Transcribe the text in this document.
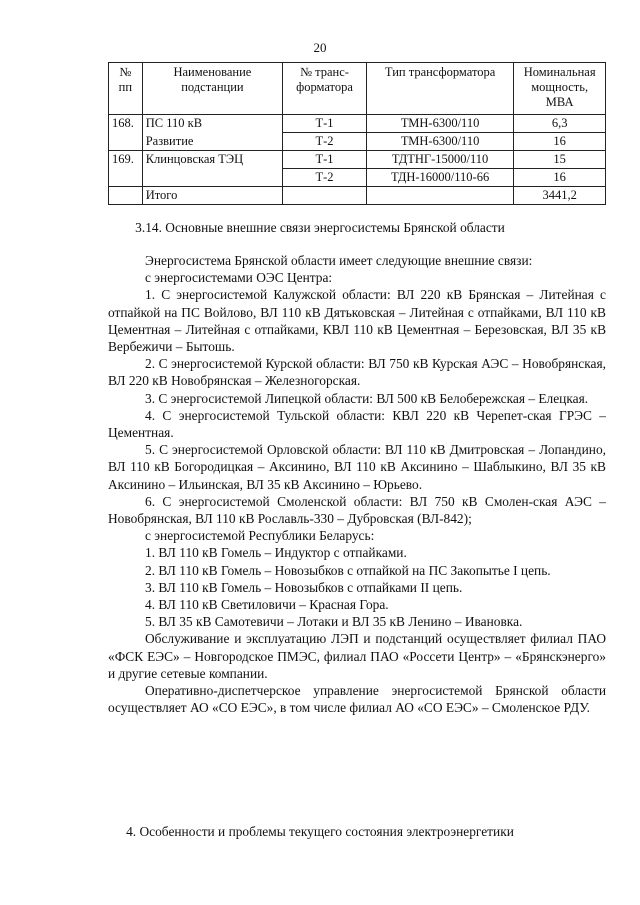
20
№ пп	Наименование подстанции	№ транс-форматора	Тип трансформатора	Номинальная мощность, МВА
168.	ПС 110 кВ	Т-1	ТМН-6300/110	6,3
	Развитие	Т-2	ТМН-6300/110	16
169.	Клинцовская ТЭЦ	Т-1	ТДТНГ-15000/110	15
		Т-2	ТДН-16000/110-66	16
	Итого			3441,2
3.14. Основные внешние связи энергосистемы Брянской области

Энергосистема Брянской области имеет следующие внешние связи:

с энергосистемами ОЭС Центра:

1. С энергосистемой Калужской области: ВЛ 220 кВ Брянская – Литейная с отпайкой на ПС Войлово, ВЛ 110 кВ Дятьковская – Литейная с отпайками, ВЛ 110 кВ Цементная – Литейная с отпайками, КВЛ 110 кВ Цементная – Березовская, ВЛ 35 кВ Вербежичи – Бытошь.

2. С энергосистемой Курской области: ВЛ 750 кВ Курская АЭС – Новобрянская, ВЛ 220 кВ Новобрянская – Железногорская.

3. С энергосистемой Липецкой области: ВЛ 500 кВ Белобережская – Елецкая.

4. С энергосистемой Тульской области: КВЛ 220 кВ Черепет-ская ГРЭС – Цементная.

5. С энергосистемой Орловской области: ВЛ 110 кВ Дмитровская – Лопандино, ВЛ 110 кВ Богородицкая – Аксинино, ВЛ 110 кВ Аксинино – Шаблыкино, ВЛ 35 кВ Аксинино – Ильинская, ВЛ 35 кВ Аксинино – Юрьево.

6. С энергосистемой Смоленской области: ВЛ 750 кВ Смолен-ская АЭС – Новобрянская, ВЛ 110 кВ Рославль-330 – Дубровская (ВЛ-842);

с энергосистемой Республики Беларусь:

1. ВЛ 110 кВ Гомель – Индуктор с отпайками.

2. ВЛ 110 кВ Гомель – Новозыбков с отпайкой на ПС Закопытье I цепь.

3. ВЛ 110 кВ Гомель – Новозыбков с отпайками II цепь.

4. ВЛ 110 кВ Светиловичи – Красная Гора.

5. ВЛ 35 кВ Самотевичи – Лотаки и ВЛ 35 кВ Ленино – Ивановка.

Обслуживание и эксплуатацию ЛЭП и подстанций осуществляет филиал ПАО «ФСК ЕЭС» – Новгородское ПМЭС, филиал ПАО «Россети Центр» – «Брянскэнерго» и другие сетевые компании.

Оперативно-диспетчерское управление энергосистемой Брянской области осуществляет АО «СО ЕЭС», в том числе филиал АО «СО ЕЭС» – Смоленское РДУ.

4. Особенности и проблемы текущего состояния электроэнергетики
